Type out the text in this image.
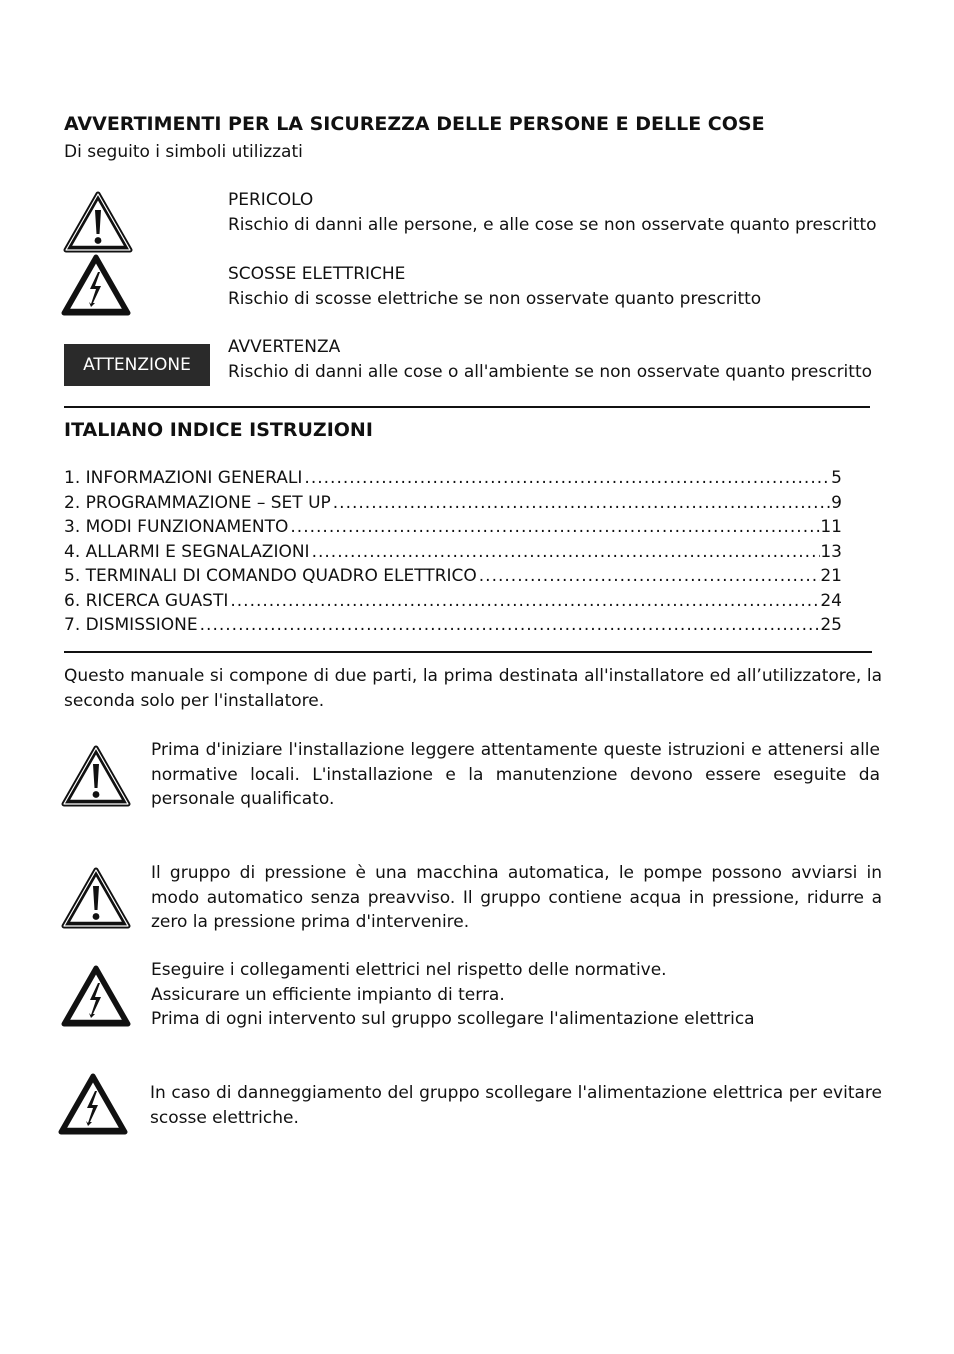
AVVERTIMENTI PER LA SICUREZZA DELLE PERSONE E DELLE COSE
Di seguito i simboli utilizzati
PERICOLO
Rischio di danni alle persone, e alle cose se non osservate quanto prescritto
SCOSSE ELETTRICHE
Rischio di scosse elettriche se non osservate quanto prescritto
ATTENZIONE
AVVERTENZA
Rischio di danni alle cose o all'ambiente se non osservate quanto prescritto
ITALIANO INDICE ISTRUZIONI
1. INFORMAZIONI GENERALI .....	5
2. PROGRAMMAZIONE – SET UP .....	9
3. MODI FUNZIONAMENTO .....	11
4. ALLARMI E SEGNALAZIONI .....	13
5. TERMINALI DI COMANDO QUADRO ELETTRICO .....	21
6. RICERCA GUASTI .....	24
7. DISMISSIONE .....	25
Questo manuale si compone di due parti, la prima destinata all'installatore ed all’utilizzatore, la seconda solo per l'installatore.
Prima d'iniziare l'installazione leggere attentamente queste istruzioni e attenersi alle normative locali. L'installazione e la manutenzione devono essere eseguite da personale qualificato.
Il gruppo di pressione è una macchina automatica, le pompe possono avviarsi in modo automatico senza preavviso. Il gruppo contiene acqua in pressione, ridurre a zero la pressione prima d'intervenire.
Eseguire i collegamenti elettrici nel rispetto delle normative.
Assicurare un efficiente impianto di terra.
Prima di ogni intervento sul gruppo scollegare l'alimentazione elettrica
In caso di danneggiamento del gruppo scollegare l'alimentazione elettrica per evitare scosse elettriche.
